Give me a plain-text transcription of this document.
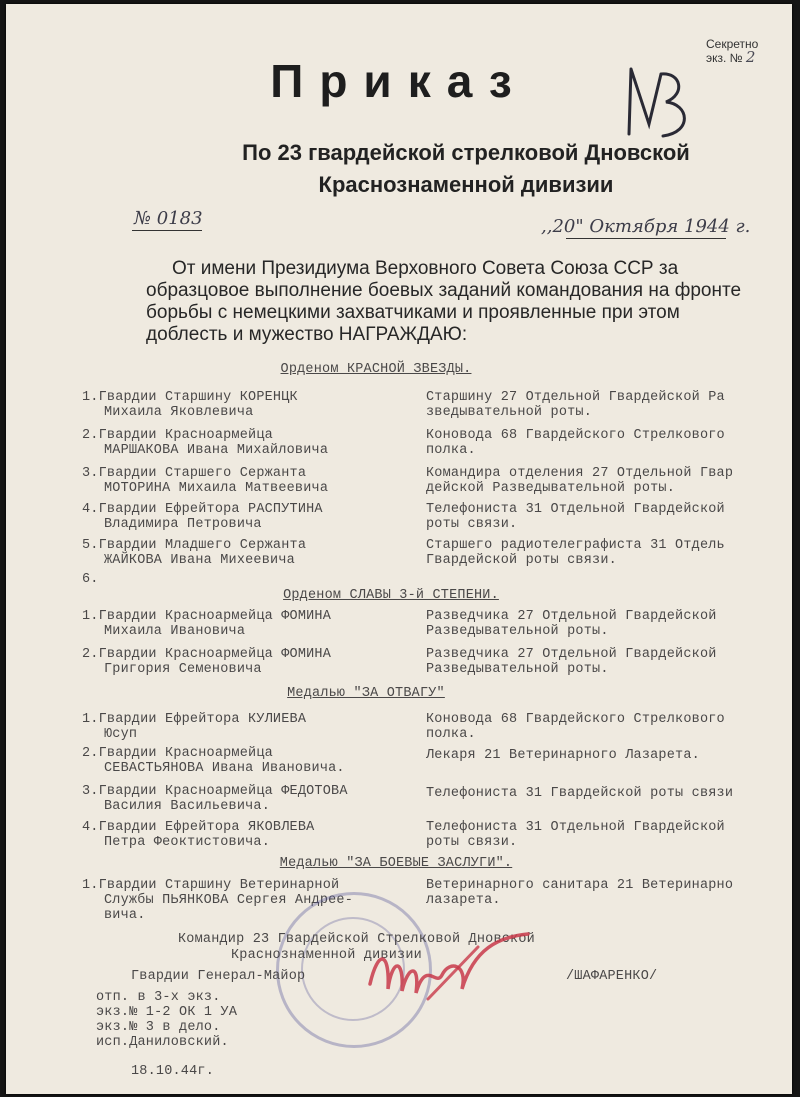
Секретно
экз. № 2
Приказ
По 23 гвардейской стрелковой Дновской
Краснознаменной дивизии
№ 0183	,,20" Октября 1944 г.
От имени Президиума Верховного Совета Союза ССР за
образцовое выполнение боевых заданий командования на фронте
борьбы с немецкими захватчиками и проявленные при этом
доблесть и мужество НАГРАЖДАЮ:
Орденом КРАСНОЙ ЗВЕЗДЫ.
1.Гвардии Старшину КОРЕНЦК
Михаила Яковлевича
Старшину 27 Отдельной Гвардейской Ра
зведывательной роты.
2.Гвардии Красноармейца
МАРШАКОВА Ивана Михайловича
Коновода 68 Гвардейского Стрелкового
полка.
3.Гвардии Старшего Сержанта
МОТОРИНА Михаила Матвеевича
Командира отделения 27 Отдельной Гвар
дейской Разведывательной роты.
4.Гвардии Ефрейтора РАСПУТИНА
Владимира Петровича
Телефониста 31 Отдельной Гвардейской
роты связи.
5.Гвардии Младшего Сержанта
ЖАЙКОВА Ивана Михеевича
Старшего радиотелеграфиста 31 Отдель
Гвардейской роты связи.
6.
Орденом СЛАВЫ 3-й СТЕПЕНИ.
1.Гвардии Красноармейца ФОМИНА
Михаила Ивановича
Разведчика 27 Отдельной Гвардейской
Разведывательной роты.
2.Гвардии Красноармейца ФОМИНА
Григория Семеновича
Разведчика 27 Отдельной Гвардейской
Разведывательной роты.
Медалью "ЗА ОТВАГУ"
1.Гвардии Ефрейтора КУЛИЕВА
Юсуп
Коновода 68 Гвардейского Стрелкового
полка.
2.Гвардии Красноармейца
СЕВАСТЬЯНОВА Ивана Ивановича.
Лекаря 21 Ветеринарного Лазарета.
3.Гвардии Красноармейца ФЕДОТОВА
Василия Васильевича.
Телефониста 31 Гвардейской роты связи
4.Гвардии Ефрейтора ЯКОВЛЕВА
Петра Феоктистовича.
Телефониста 31 Отдельной Гвардейской
роты связи.
Медалью "ЗА БОЕВЫЕ ЗАСЛУГИ".
1.Гвардии Старшину Ветеринарной
Службы ПЬЯНКОВА Сергея Андрее-
вича.
Ветеринарного санитара 21 Ветеринарно
лазарета.
Командир 23 Гвардейской Стрелковой Дновской
Краснознаменной дивизии
Гвардии Генерал-Майор	/ШАФАРЕНКО/
отп. в 3-х экз.
экз.№ 1-2 ОК 1 УА
экз.№ 3 в дело.
исп.Даниловский.
18.10.44г.
